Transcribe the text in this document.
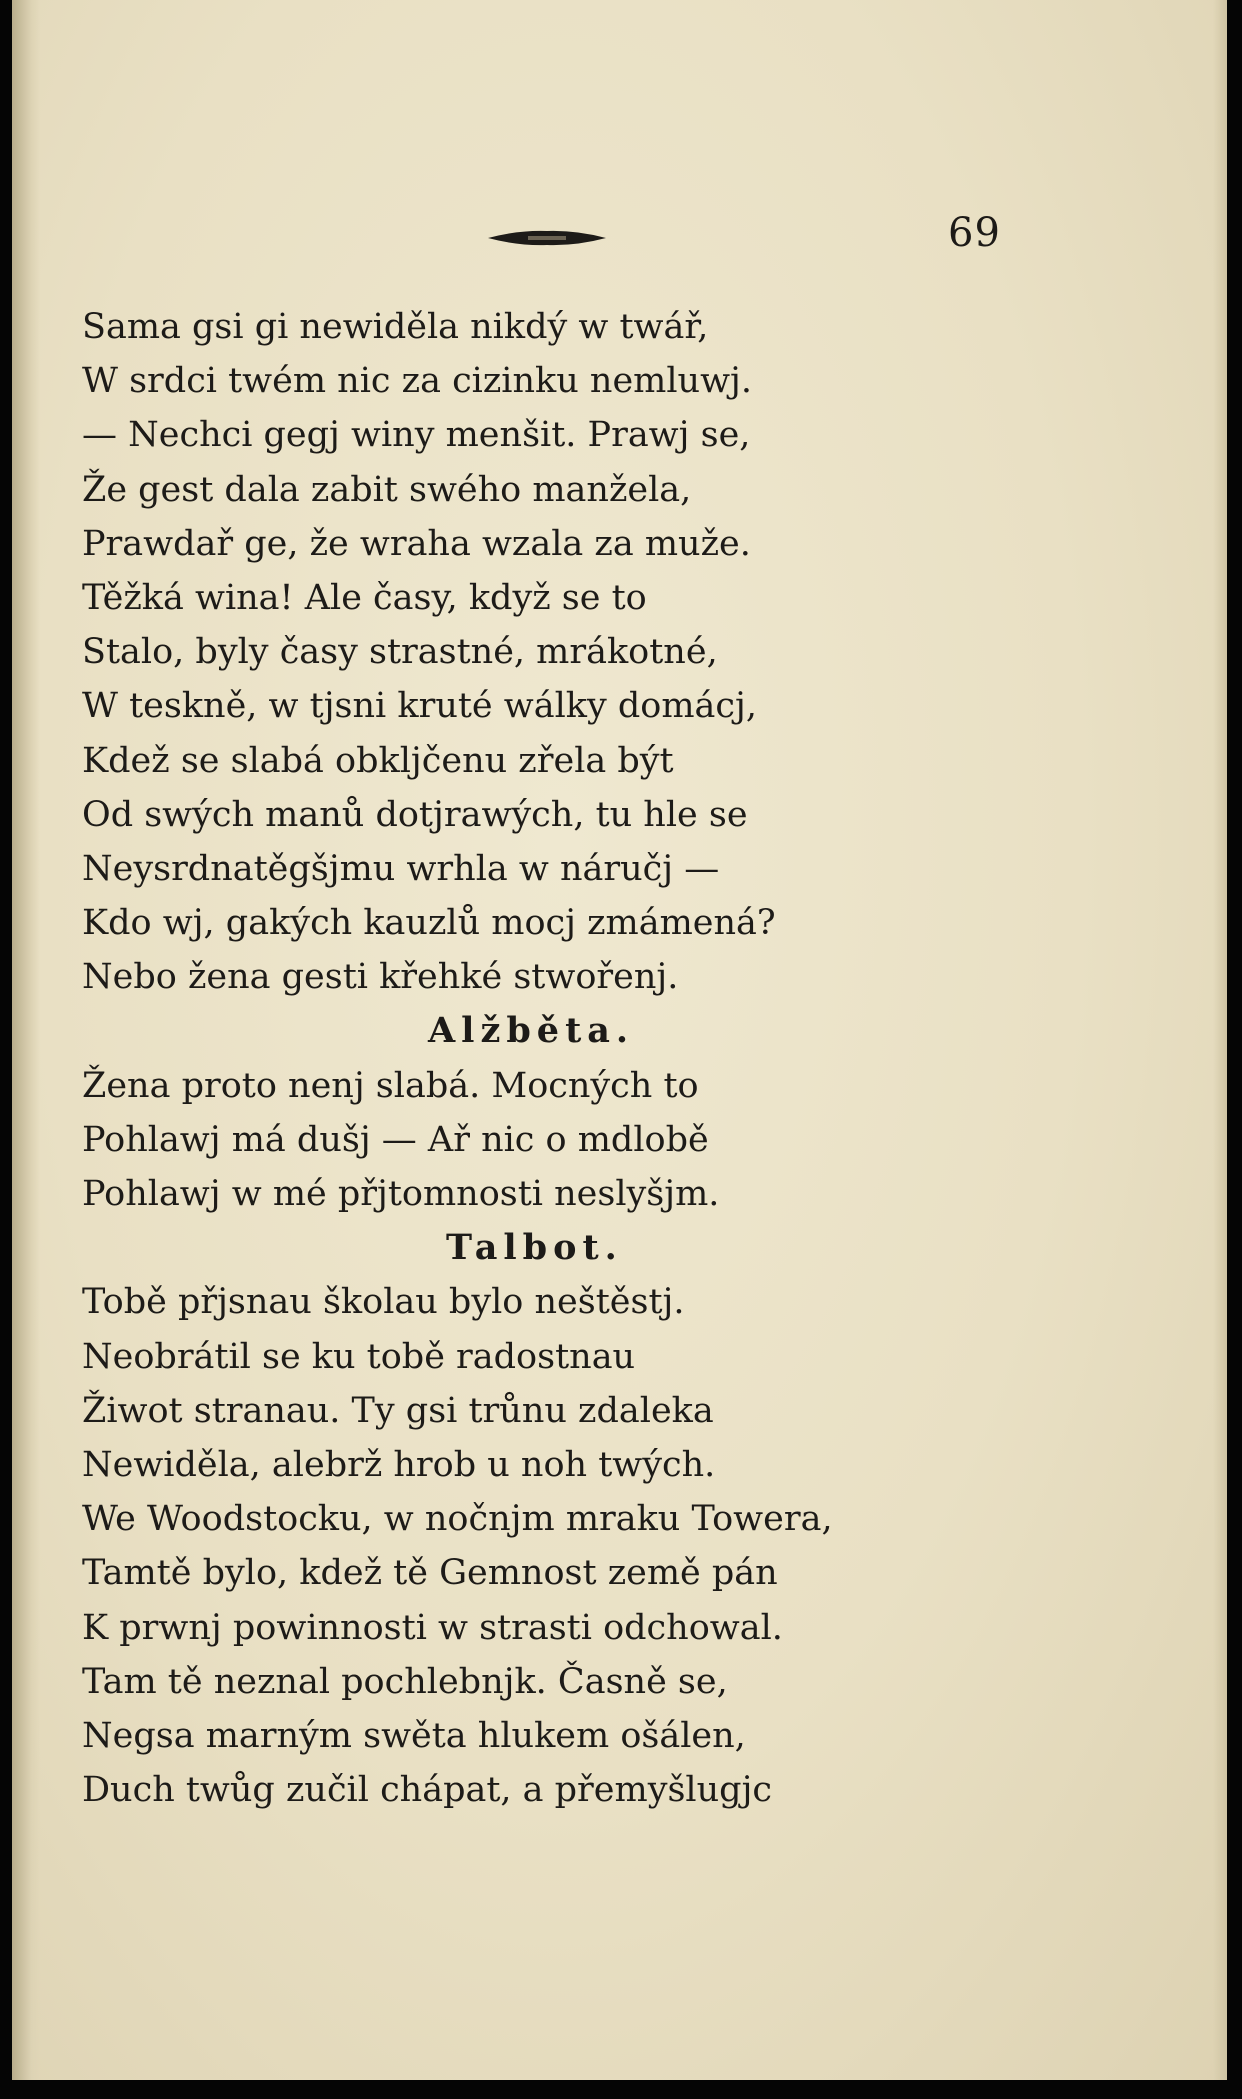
69
Sama gsi gi newiděla nikdý w twář,
W srdci twém nic za cizinku nemluwj.
— Nechci gegj winy menšit. Prawj se,
Že gest dala zabit swého manžela,
Prawdař ge, že wraha wzala za muže.
Těžká wina! Ale časy, když se to
Stalo, byly časy strastné, mrákotné,
W teskně, w tjsni kruté wálky domácj,
Kdež se slabá obkljčenu zřela být
Od swých manů dotjrawých, tu hle se
Neysrdnatěgšjmu wrhla w náručj —
Kdo wj, gakých kauzlů mocj zmámená?
Nebo žena gesti křehké stwořenj.
Alžběta.
Žena proto nenj slabá. Mocných to
Pohlawj má dušj — Ař nic o mdlobě
Pohlawj w mé přjtomnosti neslyšjm.
Talbot.
Tobě přjsnau školau bylo neštěstj.
Neobrátil se ku tobě radostnau
Žiwot stranau. Ty gsi trůnu zdaleka
Newiděla, alebrž hrob u noh twých.
We Woodstocku, w nočnjm mraku Towera,
Tamtě bylo, kdež tě Gemnost země pán
K prwnj powinnosti w strasti odchowal.
Tam tě neznal pochlebnjk. Časně se,
Negsa marným swěta hlukem ošálen,
Duch twůg zučil chápat, a přemyšlugjc
